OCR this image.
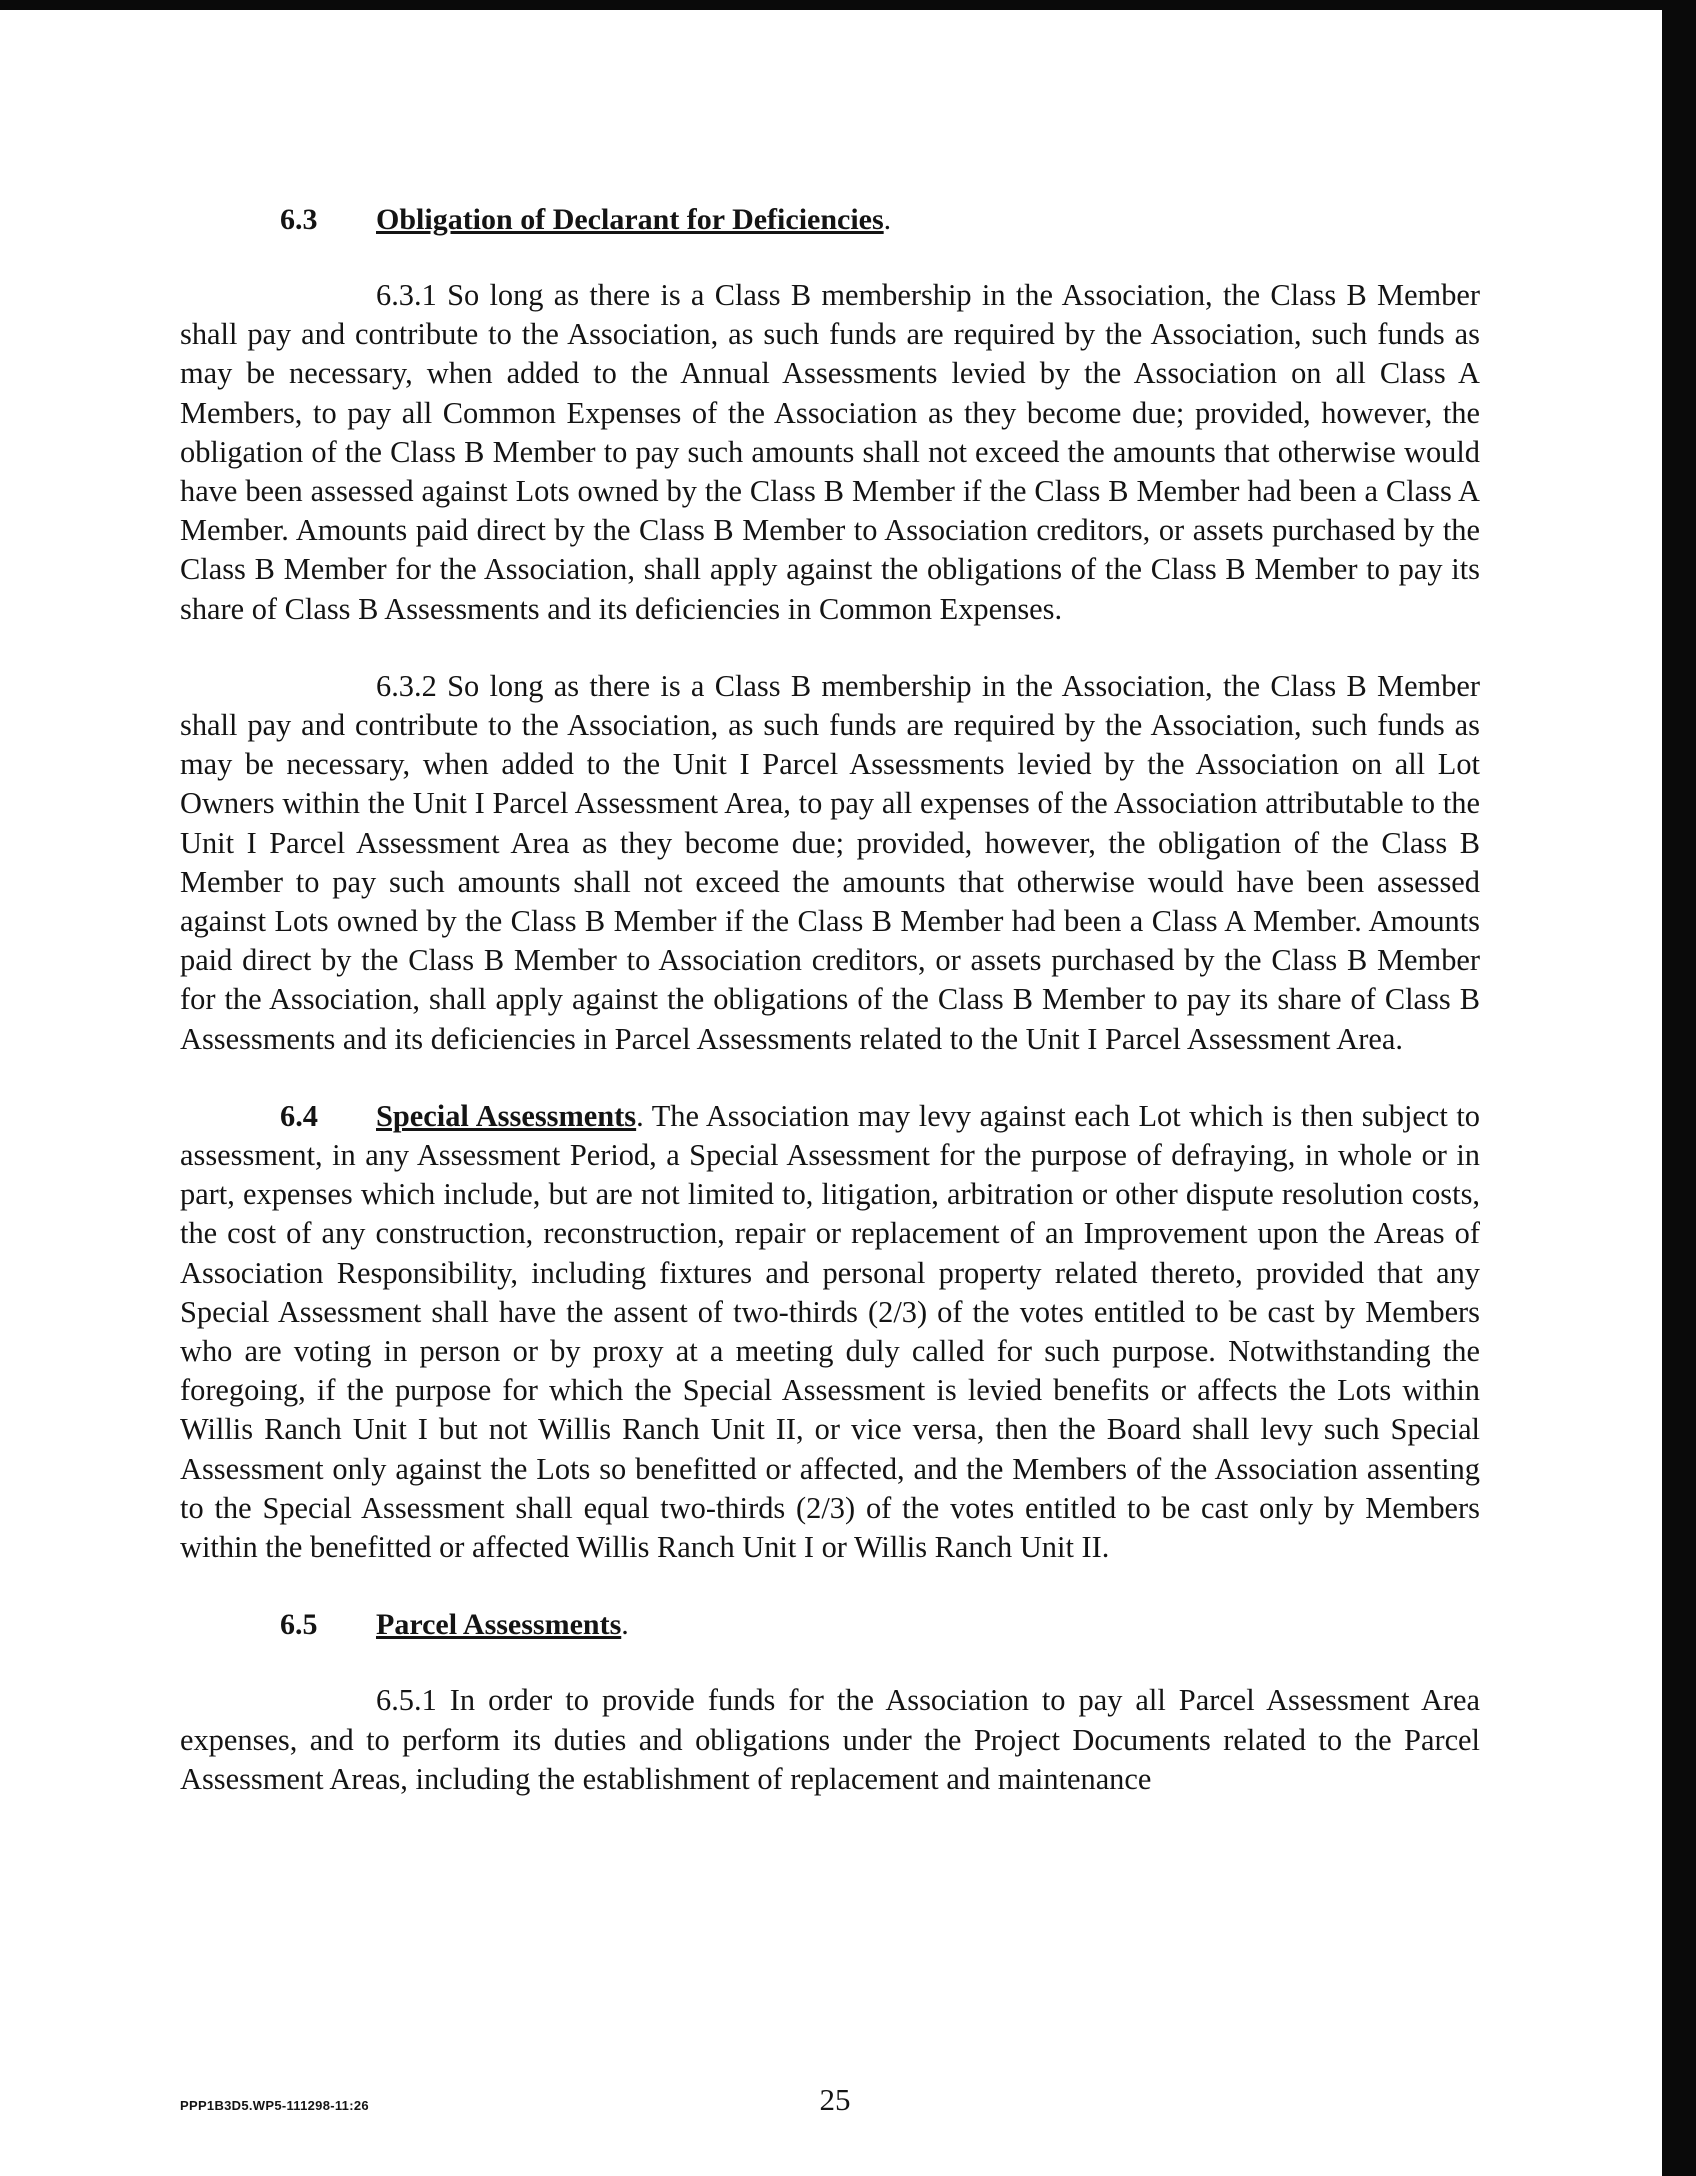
6.3 Obligation of Declarant for Deficiencies.

6.3.1 So long as there is a Class B membership in the Association, the Class B Member shall pay and contribute to the Association, as such funds are required by the Association, such funds as may be necessary, when added to the Annual Assessments levied by the Association on all Class A Members, to pay all Common Expenses of the Association as they become due; provided, however, the obligation of the Class B Member to pay such amounts shall not exceed the amounts that otherwise would have been assessed against Lots owned by the Class B Member if the Class B Member had been a Class A Member. Amounts paid direct by the Class B Member to Association creditors, or assets purchased by the Class B Member for the Association, shall apply against the obligations of the Class B Member to pay its share of Class B Assessments and its deficiencies in Common Expenses.

6.3.2 So long as there is a Class B membership in the Association, the Class B Member shall pay and contribute to the Association, as such funds are required by the Association, such funds as may be necessary, when added to the Unit I Parcel Assessments levied by the Association on all Lot Owners within the Unit I Parcel Assessment Area, to pay all expenses of the Association attributable to the Unit I Parcel Assessment Area as they become due; provided, however, the obligation of the Class B Member to pay such amounts shall not exceed the amounts that otherwise would have been assessed against Lots owned by the Class B Member if the Class B Member had been a Class A Member. Amounts paid direct by the Class B Member to Association creditors, or assets purchased by the Class B Member for the Association, shall apply against the obligations of the Class B Member to pay its share of Class B Assessments and its deficiencies in Parcel Assessments related to the Unit I Parcel Assessment Area.

6.4 Special Assessments. The Association may levy against each Lot which is then subject to assessment, in any Assessment Period, a Special Assessment for the purpose of defraying, in whole or in part, expenses which include, but are not limited to, litigation, arbitration or other dispute resolution costs, the cost of any construction, reconstruction, repair or replacement of an Improvement upon the Areas of Association Responsibility, including fixtures and personal property related thereto, provided that any Special Assessment shall have the assent of two-thirds (2/3) of the votes entitled to be cast by Members who are voting in person or by proxy at a meeting duly called for such purpose. Notwithstanding the foregoing, if the purpose for which the Special Assessment is levied benefits or affects the Lots within Willis Ranch Unit I but not Willis Ranch Unit II, or vice versa, then the Board shall levy such Special Assessment only against the Lots so benefitted or affected, and the Members of the Association assenting to the Special Assessment shall equal two-thirds (2/3) of the votes entitled to be cast only by Members within the benefitted or affected Willis Ranch Unit I or Willis Ranch Unit II.

6.5 Parcel Assessments.

6.5.1 In order to provide funds for the Association to pay all Parcel Assessment Area expenses, and to perform its duties and obligations under the Project Documents related to the Parcel Assessment Areas, including the establishment of replacement and maintenance

PPP1B3D5.WP5-111298-11:26	25
